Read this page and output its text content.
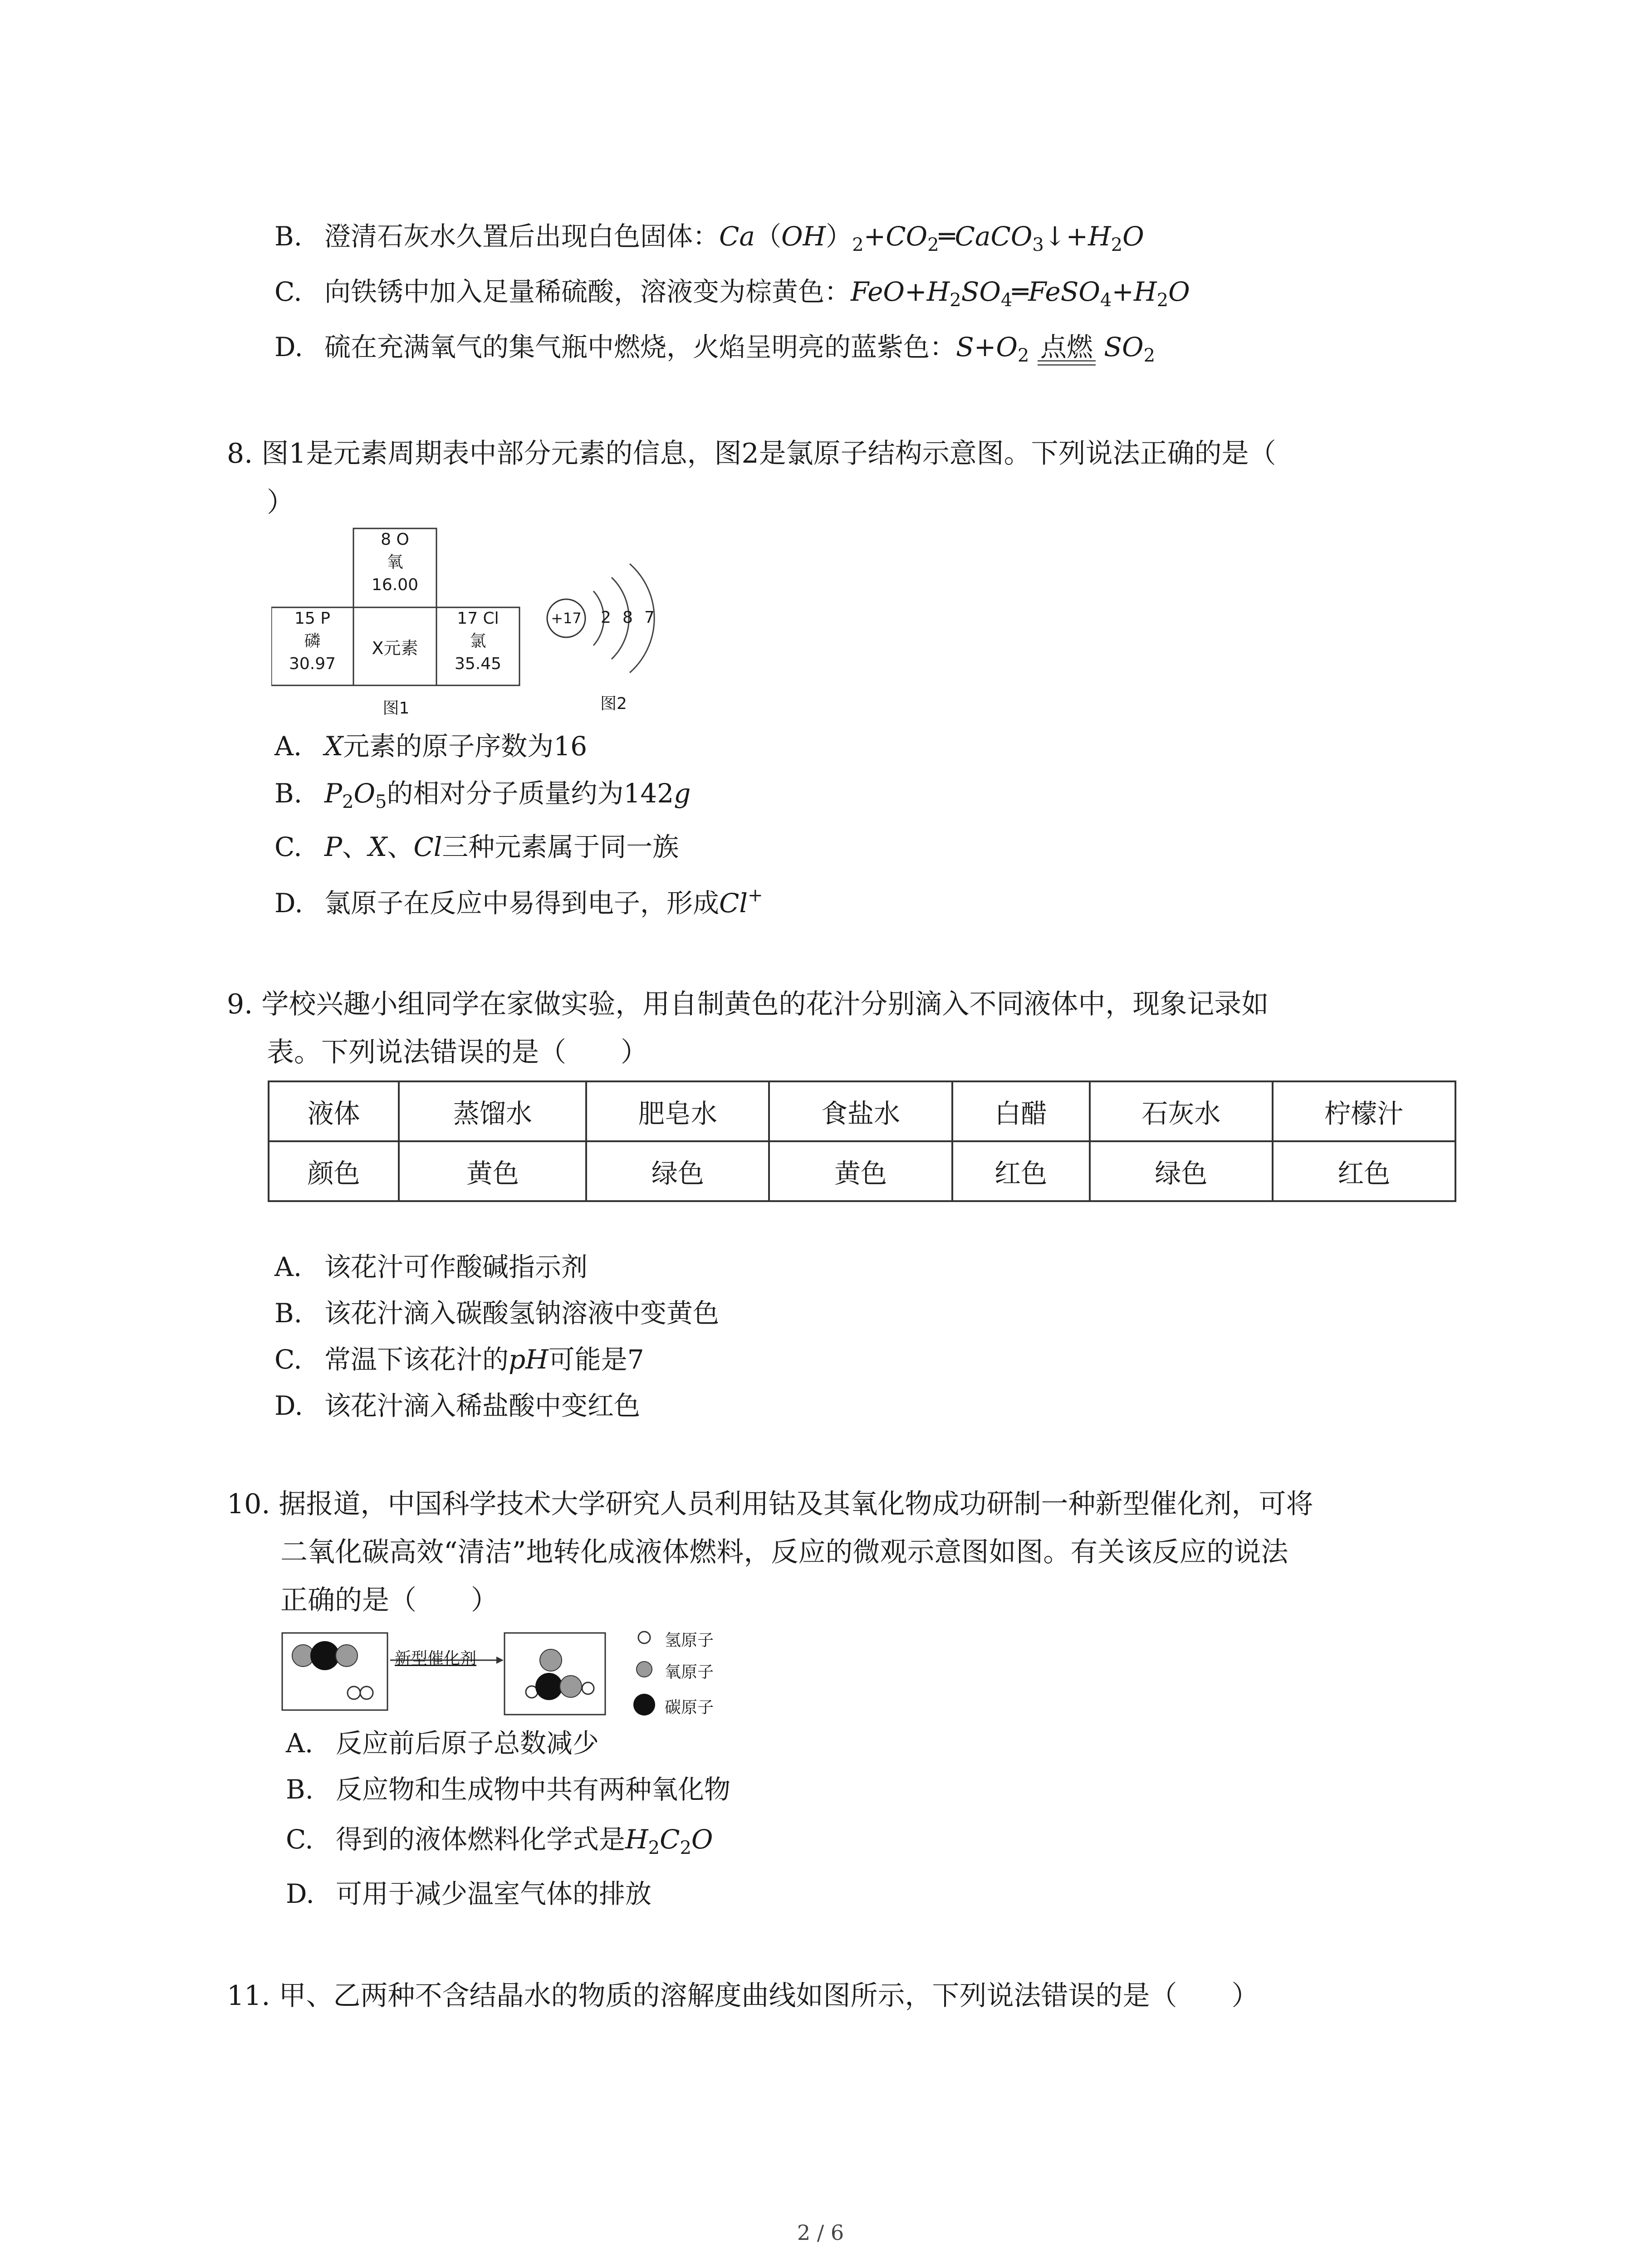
B. 澄清石灰水久置后出现白色固体：$Ca(OH)_2+CO_2═CaCO_3↓+H_2O$
C. 向铁锈中加入足量稀硫酸，溶液变为棕黄色：$FeO+H_2SO_4═FeSO_4+H_2O$
D. 硫在充满氧气的集气瓶中燃烧，火焰呈明亮的蓝紫色：$S+O_2$ 点燃 $SO_2$
8. 图1是元素周期表中部分元素的信息，图2是氯原子结构示意图。下列说法正确的是（
）
8 O
氧
16.00
15 P
磷
30.97
X元素
17 Cl
氯
35.45
图1
+17 2 8 7
图2
A. X元素的原子序数为16
B. $P_2O_5$的相对分子质量约为142g
C. P、X、Cl三种元素属于同一族
D. 氯原子在反应中易得到电子，形成Cl+
9. 学校兴趣小组同学在家做实验，用自制黄色的花汁分别滴入不同液体中，现象记录如
表。下列说法错误的是（　　）
液体	蒸馏水	肥皂水	食盐水	白醋	石灰水	柠檬汁
颜色	黄色	绿色	黄色	红色	绿色	红色
A. 该花汁可作酸碱指示剂
B. 该花汁滴入碳酸氢钠溶液中变黄色
C. 常温下该花汁的pH可能是7
D. 该花汁滴入稀盐酸中变红色
10. 据报道，中国科学技术大学研究人员利用钴及其氧化物成功研制一种新型催化剂，可将
二氧化碳高效“清洁”地转化成液体燃料，反应的微观示意图如图。有关该反应的说法
正确的是（　　）
新型催化剂
氢原子
氧原子
碳原子
A. 反应前后原子总数减少
B. 反应物和生成物中共有两种氧化物
C. 得到的液体燃料化学式是$H_2C_2O$
D. 可用于减少温室气体的排放
11. 甲、乙两种不含结晶水的物质的溶解度曲线如图所示，下列说法错误的是（　　）
2 / 6
